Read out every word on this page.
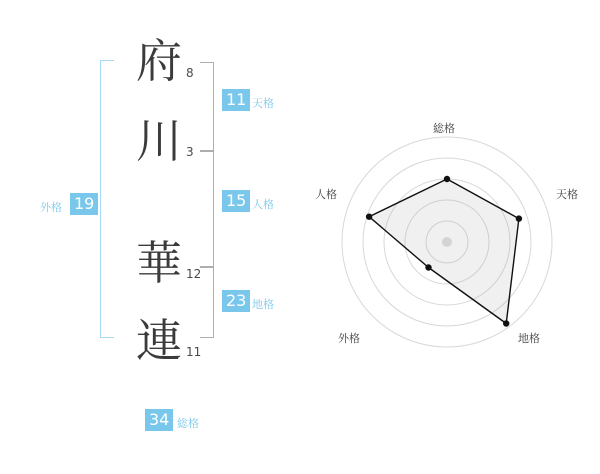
府 8
川 3
華 12
連 11
11 天格
15 人格
23 地格
外格 19
34 総格
総格
天格
地格
外格
人格
